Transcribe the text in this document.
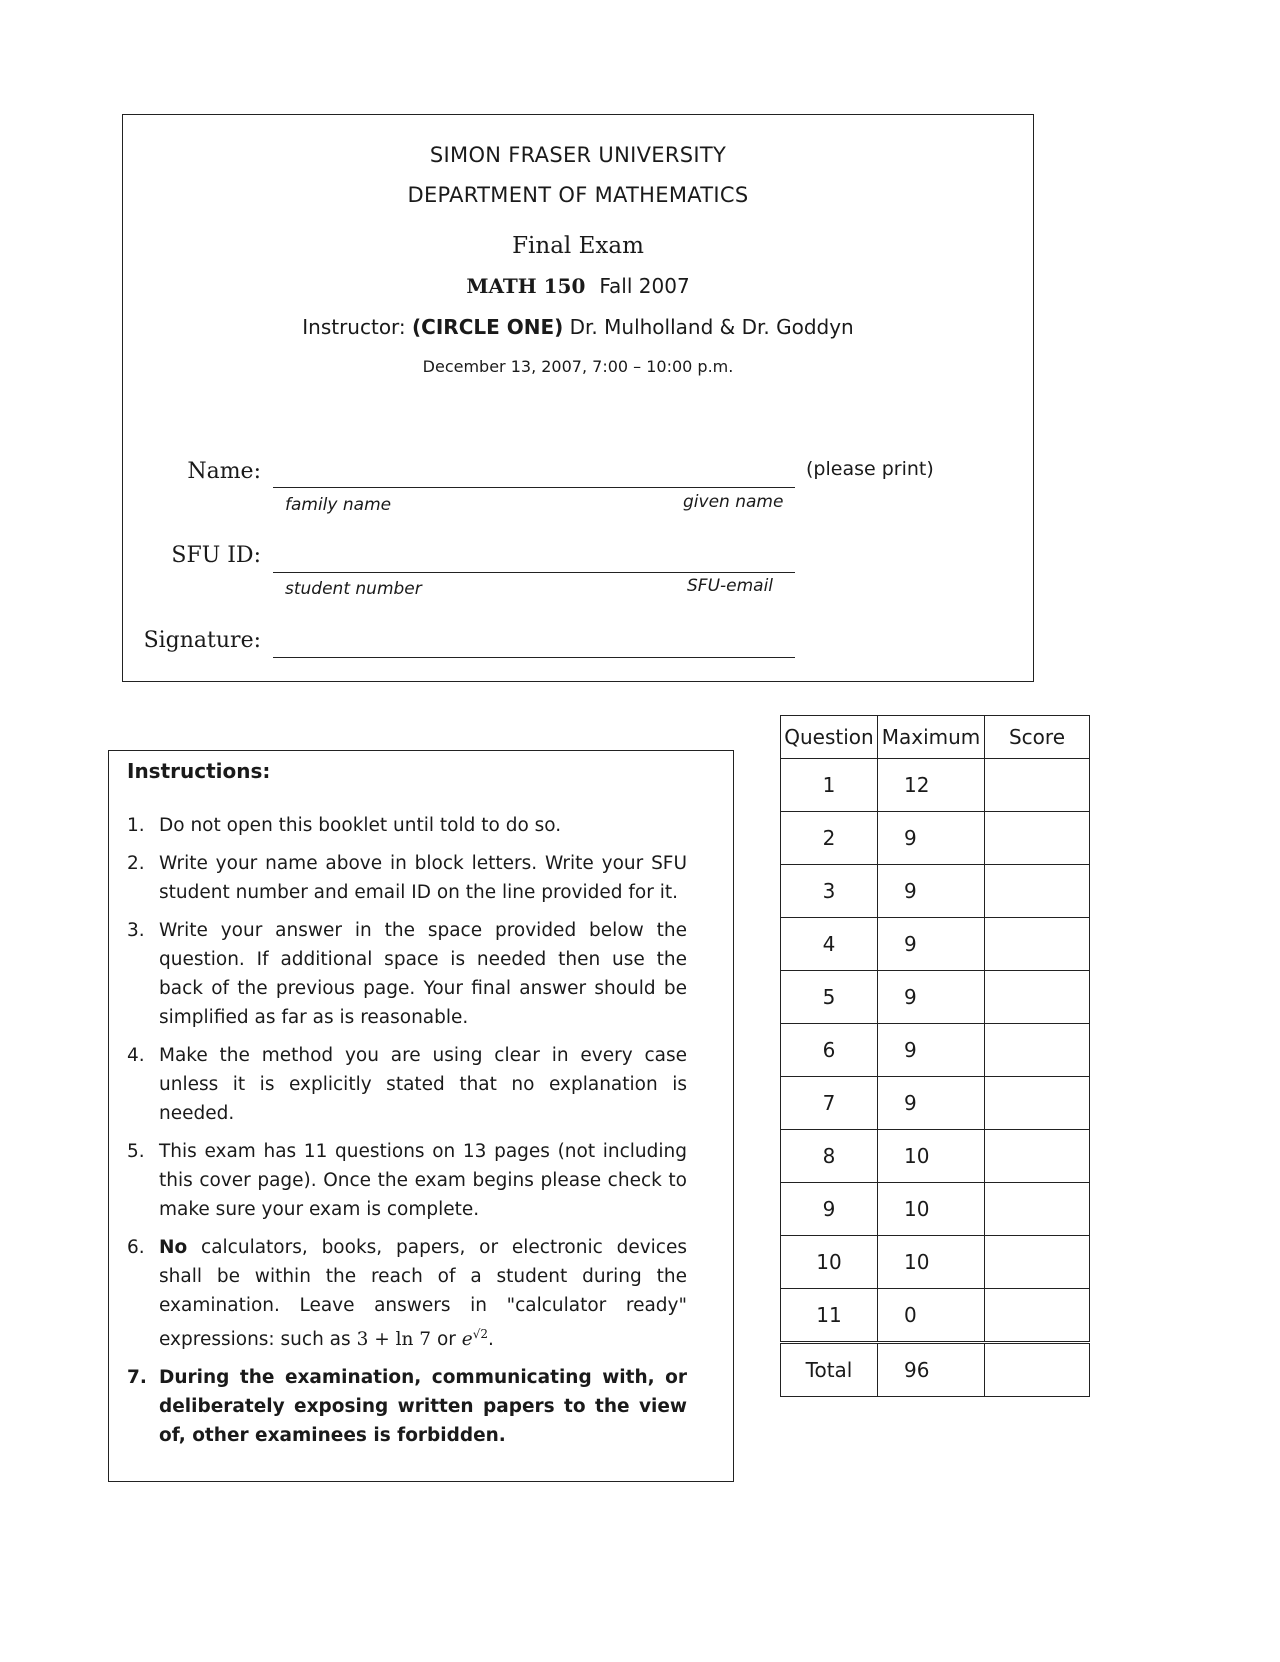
SIMON FRASER UNIVERSITY
DEPARTMENT OF MATHEMATICS
Final Exam
MATH 150 Fall 2007
Instructor: (CIRCLE ONE) Dr. Mulholland & Dr. Goddyn
December 13, 2007, 7:00 – 10:00 p.m.
Name:
family name	given name
(please print)
SFU ID:
student number	SFU-email
Signature:
Instructions:
1. Do not open this booklet until told to do so.
2. Write your name above in block letters. Write your SFU student number and email ID on the line provided for it.
3. Write your answer in the space provided below the question. If additional space is needed then use the back of the previous page. Your final answer should be simplified as far as is reasonable.
4. Make the method you are using clear in every case unless it is explicitly stated that no explanation is needed.
5. This exam has 11 questions on 13 pages (not including this cover page). Once the exam begins please check to make sure your exam is complete.
6. No calculators, books, papers, or electronic devices shall be within the reach of a student during the examination. Leave answers in "calculator ready" expressions: such as 3 + ln 7 or $e^{√2}$.
7. During the examination, communicating with, or deliberately exposing written papers to the view of, other examinees is forbidden.
Question	Maximum	Score
1	12	
2	9	
3	9	
4	9	
5	9	
6	9	
7	9	
8	10	
9	10	
10	10	
11	0	
Total	96	
